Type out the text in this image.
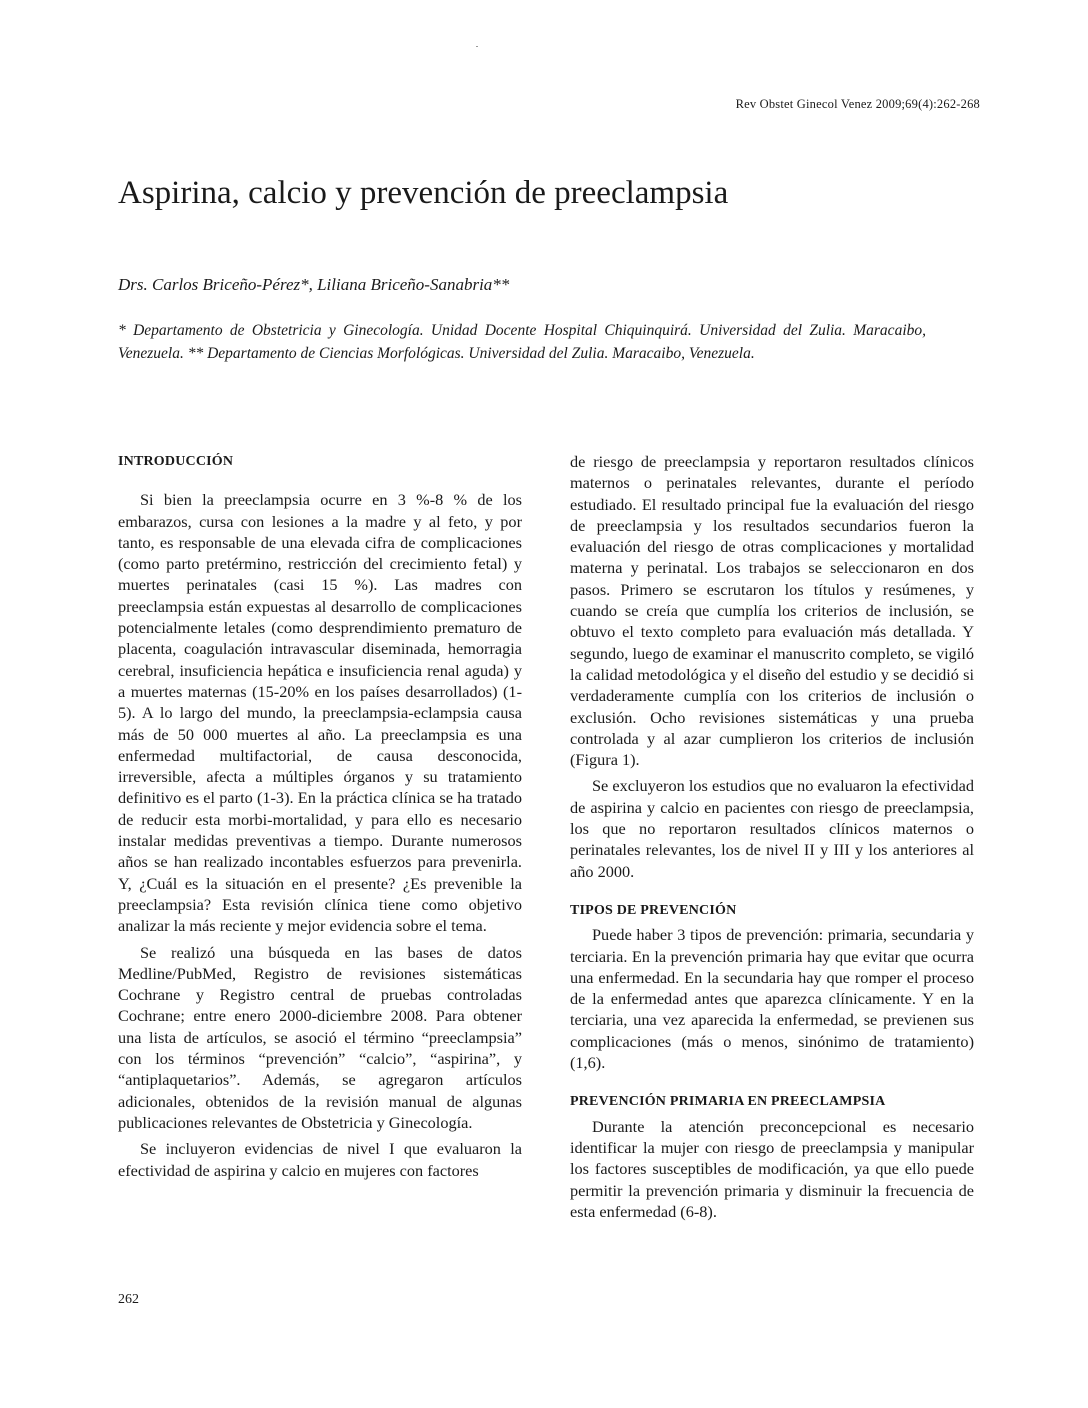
Rev Obstet Ginecol Venez 2009;69(4):262-268
Aspirina, calcio y prevención de preeclampsia
Drs. Carlos Briceño-Pérez*, Liliana Briceño-Sanabria**
* Departamento de Obstetricia y Ginecología. Unidad Docente Hospital Chiquinquirá. Universidad del Zulia. Maracaibo, Venezuela. ** Departamento de Ciencias Morfológicas. Universidad del Zulia. Maracaibo, Venezuela.
INTRODUCCIÓN

Si bien la preeclampsia ocurre en 3 %-8 % de los embarazos, cursa con lesiones a la madre y al feto, y por tanto, es responsable de una elevada cifra de complicaciones (como parto pretérmino, restricción del crecimiento fetal) y muertes perinatales (casi 15 %). Las madres con preeclampsia están expuestas al desarrollo de complicaciones potencialmente letales (como desprendimiento prematuro de placenta, coagulación intravascular diseminada, hemorragia cerebral, insuficiencia hepática e insuficiencia renal aguda) y a muertes maternas (15-20% en los países desarrollados) (1-5). A lo largo del mundo, la preeclampsia-eclampsia causa más de 50 000 muertes al año. La preeclampsia es una enfermedad multifactorial, de causa desconocida, irreversible, afecta a múltiples órganos y su tratamiento definitivo es el parto (1-3). En la práctica clínica se ha tratado de reducir esta morbi-mortalidad, y para ello es necesario instalar medidas preventivas a tiempo. Durante numerosos años se han realizado incontables esfuerzos para prevenirla. Y, ¿Cuál es la situación en el presente? ¿Es prevenible la preeclampsia? Esta revisión clínica tiene como objetivo analizar la más reciente y mejor evidencia sobre el tema.

Se realizó una búsqueda en las bases de datos Medline/PubMed, Registro de revisiones sistemáticas Cochrane y Registro central de pruebas controladas Cochrane; entre enero 2000-diciembre 2008. Para obtener una lista de artículos, se asoció el término “preeclampsia” con los términos “prevención” “calcio”, “aspirina”, y “antiplaquetarios”. Además, se agregaron artículos adicionales, obtenidos de la revisión manual de algunas publicaciones relevantes de Obstetricia y Ginecología.

Se incluyeron evidencias de nivel I que evaluaron la efectividad de aspirina y calcio en mujeres con factores

de riesgo de preeclampsia y reportaron resultados clínicos maternos o perinatales relevantes, durante el período estudiado. El resultado principal fue la evaluación del riesgo de preeclampsia y los resultados secundarios fueron la evaluación del riesgo de otras complicaciones y mortalidad materna y perinatal. Los trabajos se seleccionaron en dos pasos. Primero se escrutaron los títulos y resúmenes, y cuando se creía que cumplía los criterios de inclusión, se obtuvo el texto completo para evaluación más detallada. Y segundo, luego de examinar el manuscrito completo, se vigiló la calidad metodológica y el diseño del estudio y se decidió si verdaderamente cumplía con los criterios de inclusión o exclusión. Ocho revisiones sistemáticas y una prueba controlada y al azar cumplieron los criterios de inclusión (Figura 1).

Se excluyeron los estudios que no evaluaron la efectividad de aspirina y calcio en pacientes con riesgo de preeclampsia, los que no reportaron resultados clínicos maternos o perinatales relevantes, los de nivel II y III y los anteriores al año 2000.

TIPOS DE PREVENCIÓN

Puede haber 3 tipos de prevención: primaria, secundaria y terciaria. En la prevención primaria hay que evitar que ocurra una enfermedad. En la secundaria hay que romper el proceso de la enfermedad antes que aparezca clínicamente. Y en la terciaria, una vez aparecida la enfermedad, se previenen sus complicaciones (más o menos, sinónimo de tratamiento) (1,6).

PREVENCIÓN PRIMARIA EN PREECLAMPSIA

Durante la atención preconcepcional es necesario identificar la mujer con riesgo de preeclampsia y manipular los factores susceptibles de modificación, ya que ello puede permitir la prevención primaria y disminuir la frecuencia de esta enfermedad (6-8).

262
